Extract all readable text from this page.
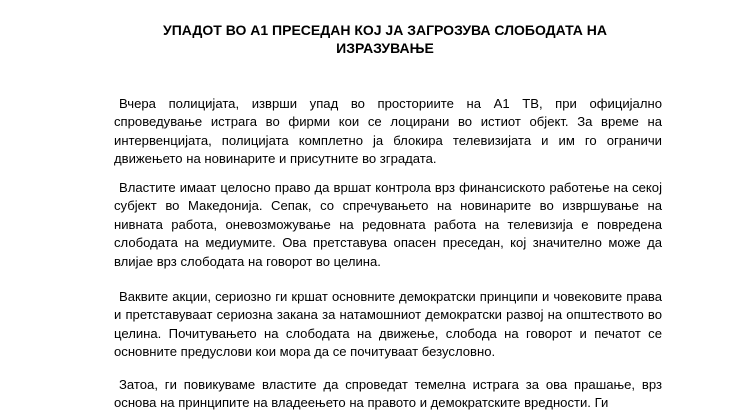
УПАДОТ ВО А1 ПРЕСЕДАН КОЈ ЈА ЗАГРОЗУВА СЛОБОДАТА НА
ИЗРАЗУВАЊЕ

Вчера полицијата, изврши упад во просториите на А1 ТВ, при официјално спроведување истрага во фирми кои се лоцирани во истиот објект. За време на интервенцијата, полицијата комплетно ја блокира телевизијата и им го ограничи движењето на новинарите и присутните во зградата.

Властите имаат целосно право да вршат контрола врз финансиското работење на секој субјект во Македонија. Сепак, со спречувањето на новинарите во извршување на нивната работа, оневозможување на редовната работа на телевизија е повредена слободата на медиумите. Ова претставува опасен преседан, кој значително може да влијае врз слободата на говорот во целина.

Ваквите акции, сериозно ги кршат основните демократски принципи и човековите права и претставуваат сериозна закана за натамошниот демократски развој на општеството во целина. Почитувањето на слободата на движење, слобода на говорот и печатот се основните предуслови кои мора да се почитуваат безусловно.

Затоа, ги повикуваме властите да спроведат темелна истрага за ова прашање, врз основа на принципите на владеењето на правото и демократските вредности. Ги
